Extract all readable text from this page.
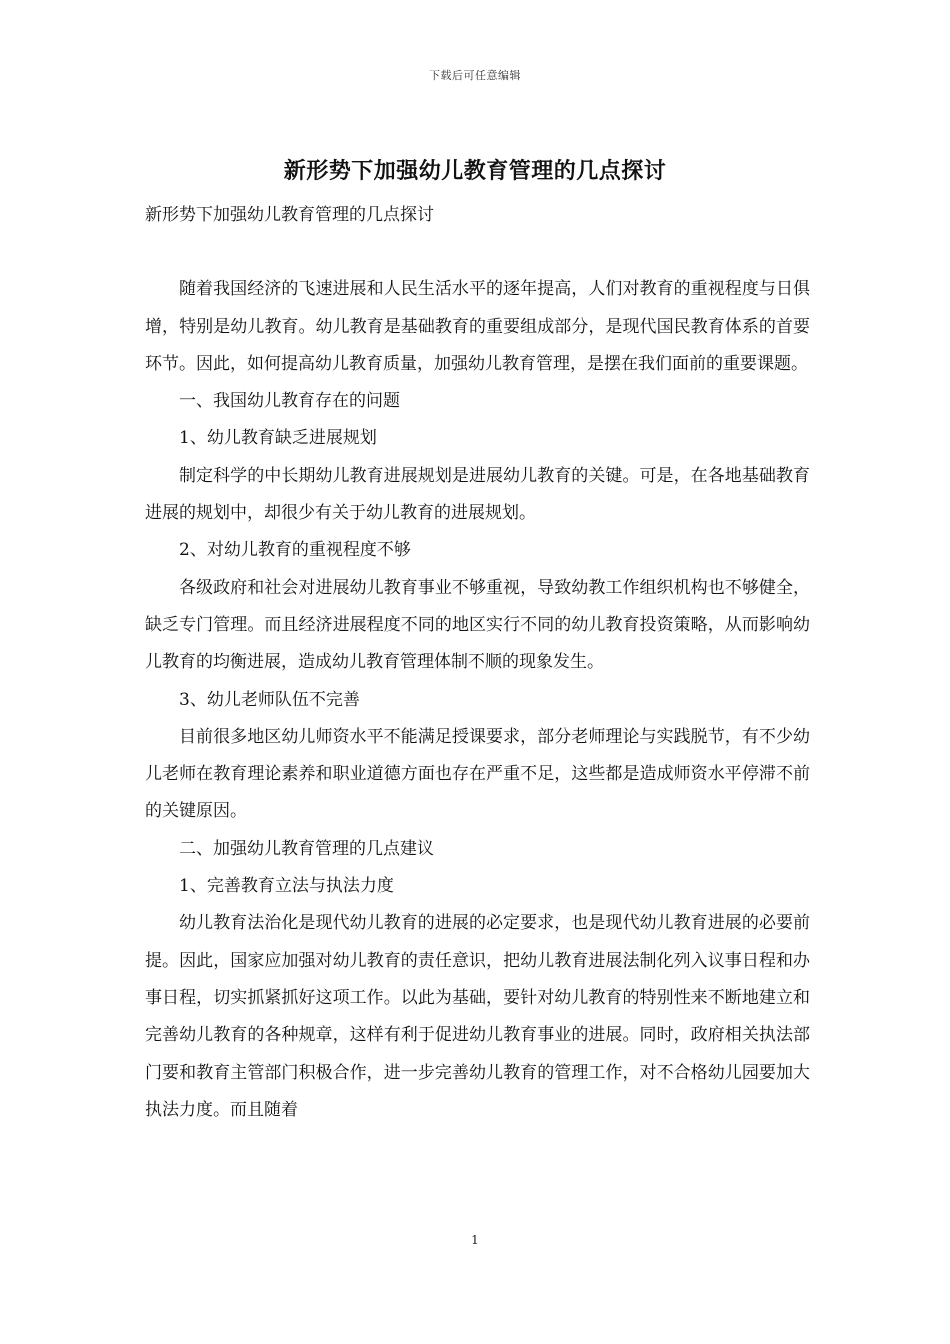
下载后可任意编辑
新形势下加强幼儿教育管理的几点探讨

新形势下加强幼儿教育管理的几点探讨

随着我国经济的飞速进展和人民生活水平的逐年提高，人们对教育的重视程度与日俱增，特别是幼儿教育。幼儿教育是基础教育的重要组成部分，是现代国民教育体系的首要环节。因此，如何提高幼儿教育质量，加强幼儿教育管理，是摆在我们面前的重要课题。

一、我国幼儿教育存在的问题

1、幼儿教育缺乏进展规划

制定科学的中长期幼儿教育进展规划是进展幼儿教育的关键。可是，在各地基础教育进展的规划中，却很少有关于幼儿教育的进展规划。

2、对幼儿教育的重视程度不够

各级政府和社会对进展幼儿教育事业不够重视，导致幼教工作组织机构也不够健全，缺乏专门管理。而且经济进展程度不同的地区实行不同的幼儿教育投资策略，从而影响幼儿教育的均衡进展，造成幼儿教育管理体制不顺的现象发生。

3、幼儿老师队伍不完善

目前很多地区幼儿师资水平不能满足授课要求，部分老师理论与实践脱节，有不少幼儿老师在教育理论素养和职业道德方面也存在严重不足，这些都是造成师资水平停滞不前的关键原因。

二、加强幼儿教育管理的几点建议

1、完善教育立法与执法力度

幼儿教育法治化是现代幼儿教育的进展的必定要求，也是现代幼儿教育进展的必要前提。因此，国家应加强对幼儿教育的责任意识，把幼儿教育进展法制化列入议事日程和办事日程，切实抓紧抓好这项工作。以此为基础，要针对幼儿教育的特别性来不断地建立和完善幼儿教育的各种规章，这样有利于促进幼儿教育事业的进展。同时，政府相关执法部门要和教育主管部门积极合作，进一步完善幼儿教育的管理工作，对不合格幼儿园要加大执法力度。而且随着

1
